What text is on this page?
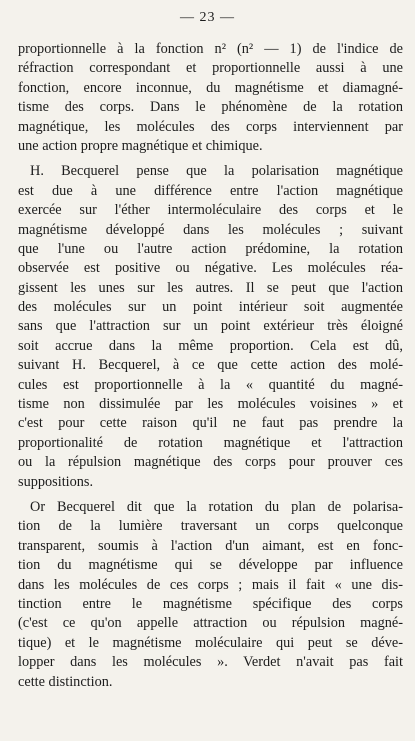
— 23 —
proportionnelle à la fonction n² (n² — 1) de l'indice de
réfraction correspondant et proportionnelle aussi à une
fonction, encore inconnue, du magnétisme et diamagné-
tisme des corps. Dans le phénomène de la rotation
magnétique, les molécules des corps interviennent par
une action propre magnétique et chimique.
H. Becquerel pense que la polarisation magnétique
est due à une différence entre l'action magnétique
exercée sur l'éther intermoléculaire des corps et le
magnétisme développé dans les molécules ; suivant
que l'une ou l'autre action prédomine, la rotation
observée est positive ou négative. Les molécules réa-
gissent les unes sur les autres. Il se peut que l'action
des molécules sur un point intérieur soit augmentée
sans que l'attraction sur un point extérieur très éloigné
soit accrue dans la même proportion. Cela est dû,
suivant H. Becquerel, à ce que cette action des molé-
cules est proportionnelle à la « quantité du magné-
tisme non dissimulée par les molécules voisines » et
c'est pour cette raison qu'il ne faut pas prendre la
proportionalité de rotation magnétique et l'attraction
ou la répulsion magnétique des corps pour prouver ces
suppositions.
Or Becquerel dit que la rotation du plan de polarisa-
tion de la lumière traversant un corps quelconque
transparent, soumis à l'action d'un aimant, est en fonc-
tion du magnétisme qui se développe par influence
dans les molécules de ces corps ; mais il fait « une dis-
tinction entre le magnétisme spécifique des corps
(c'est ce qu'on appelle attraction ou répulsion magné-
tique) et le magnétisme moléculaire qui peut se déve-
lopper dans les molécules ». Verdet n'avait pas fait
cette distinction.
